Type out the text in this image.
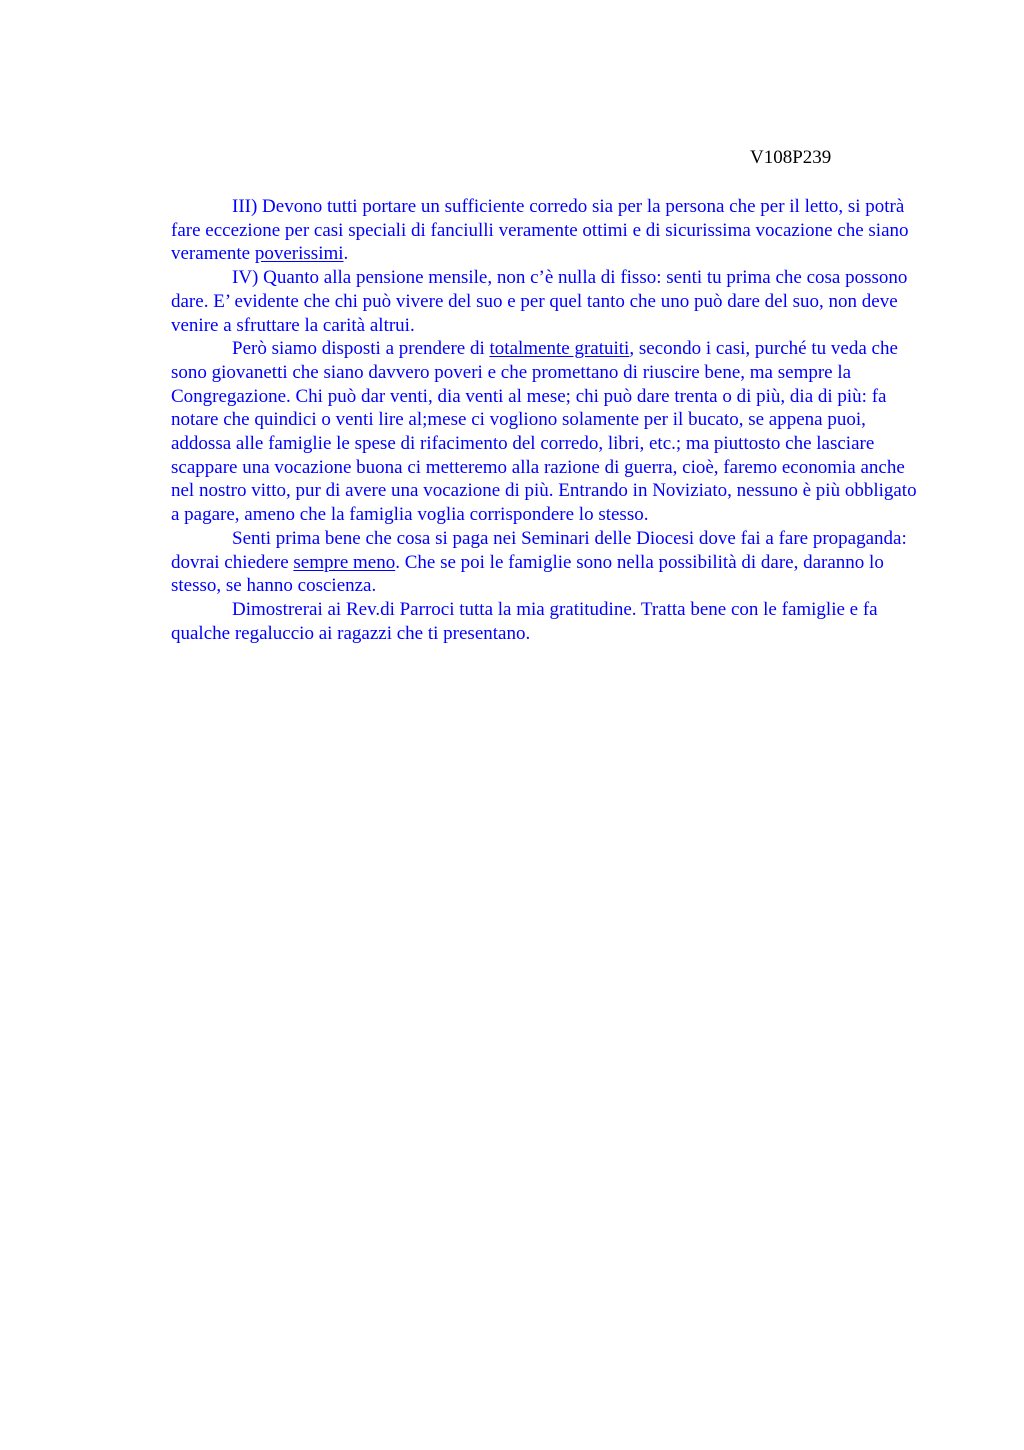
V108P239

III) Devono tutti portare un sufficiente corredo sia per la persona che per il letto, si potrà fare eccezione per casi speciali di fanciulli veramente ottimi e di sicurissima vocazione che siano veramente poverissimi.

IV) Quanto alla pensione mensile, non c’è nulla di fisso: senti tu prima che cosa possono dare. E’ evidente che chi può vivere del suo e per quel tanto che uno può dare del suo, non deve venire a sfruttare la carità altrui.

Però siamo disposti a prendere di totalmente gratuiti, secondo i casi, purché tu veda che sono giovanetti che siano davvero poveri e che promettano di riuscire bene, ma sempre la Congregazione. Chi può dar venti, dia venti al mese; chi può dare trenta o di più, dia di più: fa notare che quindici o venti lire al;mese ci vogliono solamente per il bucato, se appena puoi, addossa alle famiglie le spese di rifacimento del corredo, libri, etc.; ma piuttosto che lasciare scappare una vocazione buona ci metteremo alla razione di guerra, cioè, faremo economia anche nel nostro vitto, pur di avere una vocazione di più. Entrando in Noviziato, nessuno è più obbligato a pagare, ameno che la famiglia voglia corrispondere lo stesso.

Senti prima bene che cosa si paga nei Seminari delle Diocesi dove fai a fare propaganda: dovrai chiedere sempre meno. Che se poi le famiglie sono nella possibilità di dare, daranno lo stesso, se hanno coscienza.

Dimostrerai ai Rev.di Parroci tutta la mia gratitudine. Tratta bene con le famiglie e fa qualche regaluccio ai ragazzi che ti presentano.
